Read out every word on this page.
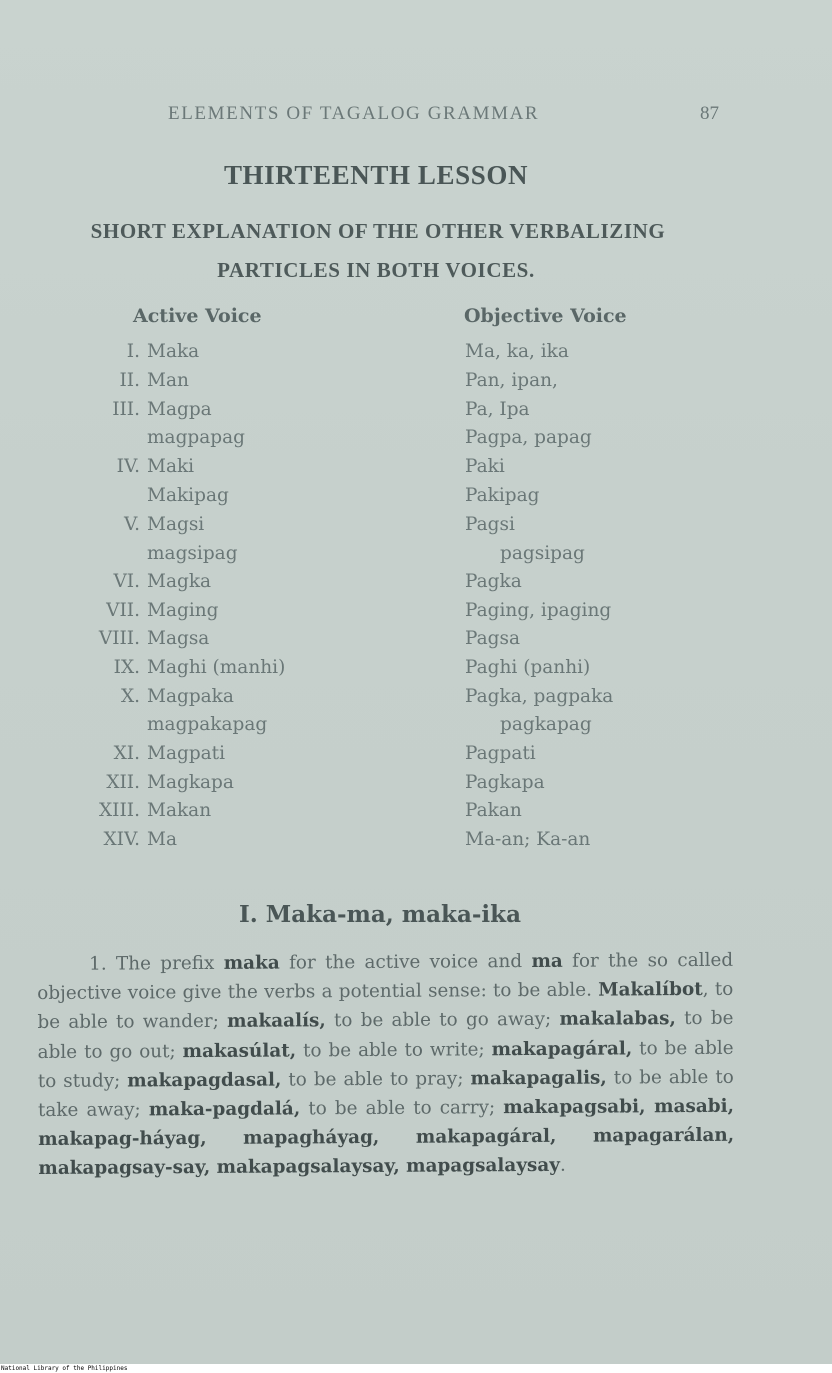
ELEMENTS OF TAGALOG GRAMMAR	87
THIRTEENTH LESSON
SHORT EXPLANATION OF THE OTHER VERBALIZING
PARTICLES IN BOTH VOICES.
Active Voice	Objective Voice
I. Maka	Ma, ka, ika
II. Man	Pan, ipan,
III. Magpa	Pa, Ipa
magpapag	Pagpa, papag
IV. Maki	Paki
Makipag	Pakipag
V. Magsi	Pagsi
magsipag	pagsipag
VI. Magka	Pagka
VII. Maging	Paging, ipaging
VIII. Magsa	Pagsa
IX. Maghi (manhi)	Paghi (panhi)
X. Magpaka	Pagka, pagpaka
magpakapag	pagkapag
XI. Magpati	Pagpati
XII. Magkapa	Pagkapa
XIII. Makan	Pakan
XIV. Ma	Ma-an; Ka-an
I. Maka-ma, maka-ika
1. The prefix maka for the active voice and ma for the so called objective voice give the verbs a potential sense: to be able. Makalíbot, to be able to wander; makaalís, to be able to go away; makalabas, to be able to go out; makasúlat, to be able to write; makapagáral, to be able to study; makapagdasal, to be able to pray; makapagalis, to be able to take away; maka-pagdalá, to be able to carry; makapagsabi, masabi, makapag-háyag, mapagháyag, makapagáral, mapagarálan, makapagsay-say, makapagsalaysay, mapagsalaysay.
National Library of the Philippines
